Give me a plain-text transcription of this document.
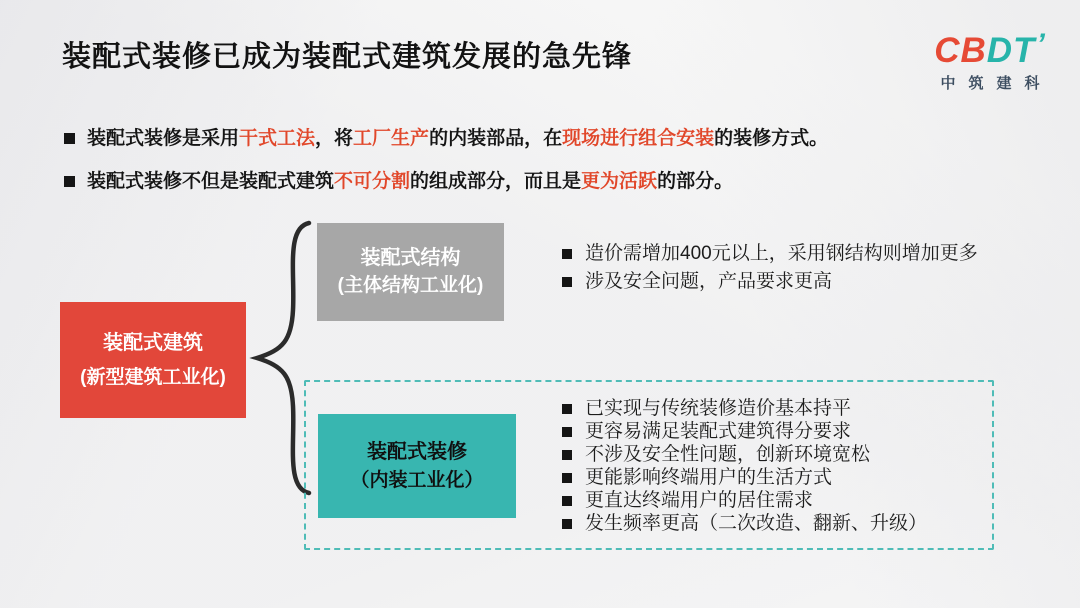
装配式装修已成为装配式建筑发展的急先锋	CBDT’
中筑建科
装配式装修是采用干式工法，将工厂生产的内装部品，在现场进行组合安装的装修方式。
装配式装修不但是装配式建筑不可分割的组成部分，而且是更为活跃的部分。
装配式建筑
(新型建筑工业化)
装配式结构
(主体结构工业化)
造价需增加400元以上，采用钢结构则增加更多
涉及安全问题，产品要求更高
装配式装修
（内装工业化）
已实现与传统装修造价基本持平
更容易满足装配式建筑得分要求
不涉及安全性问题，创新环境宽松
更能影响终端用户的生活方式
更直达终端用户的居住需求
发生频率更高（二次改造、翻新、升级）
